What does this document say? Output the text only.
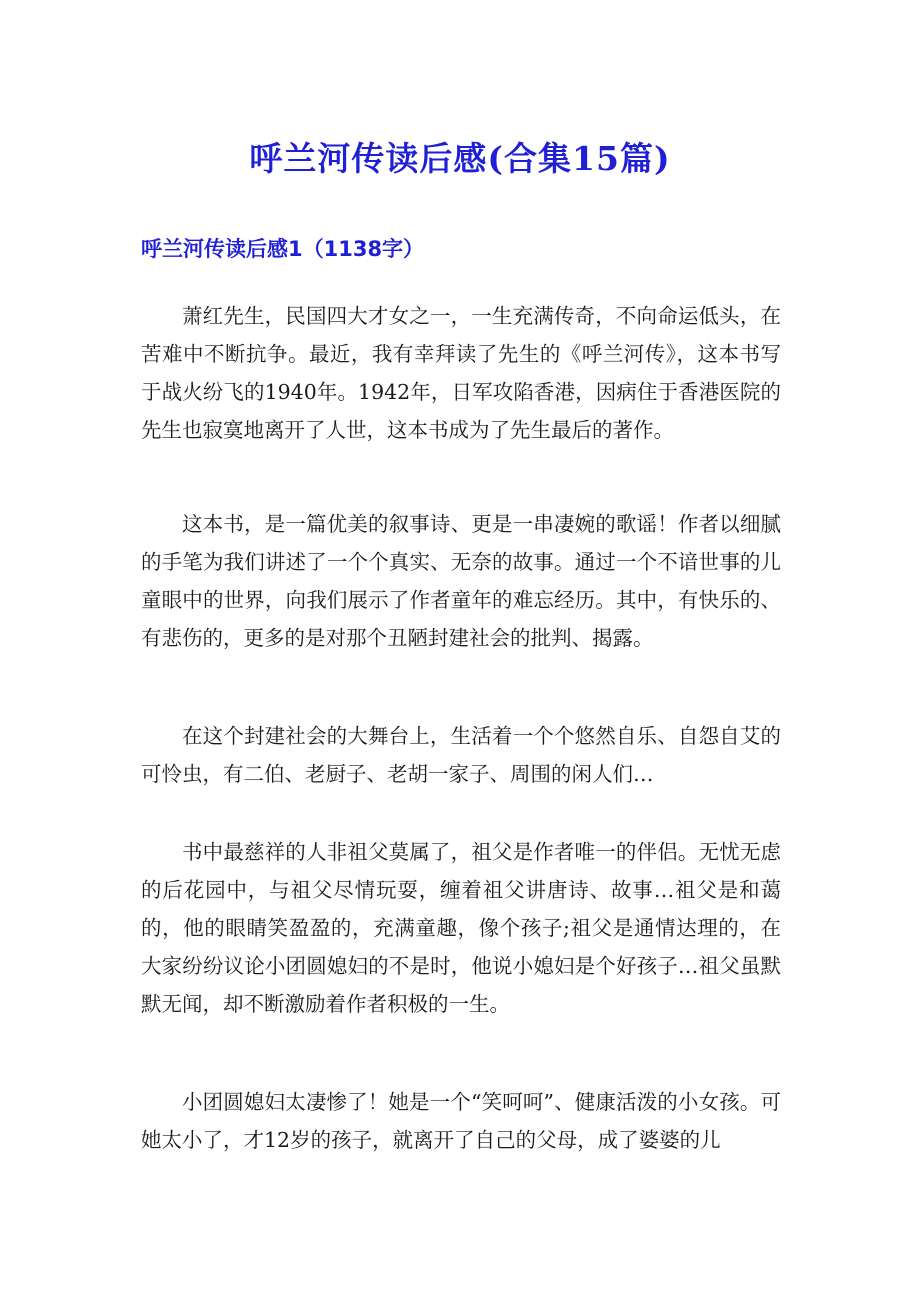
呼兰河传读后感(合集15篇)
呼兰河传读后感1（1138字）

萧红先生，民国四大才女之一，一生充满传奇，不向命运低头，在苦难中不断抗争。最近，我有幸拜读了先生的《呼兰河传》，这本书写于战火纷飞的1940年。1942年，日军攻陷香港，因病住于香港医院的先生也寂寞地离开了人世，这本书成为了先生最后的著作。

这本书，是一篇优美的叙事诗、更是一串凄婉的歌谣！作者以细腻的手笔为我们讲述了一个个真实、无奈的故事。通过一个不谙世事的儿童眼中的世界，向我们展示了作者童年的难忘经历。其中，有快乐的、有悲伤的，更多的是对那个丑陋封建社会的批判、揭露。

在这个封建社会的大舞台上，生活着一个个悠然自乐、自怨自艾的可怜虫，有二伯、老厨子、老胡一家子、周围的闲人们…

书中最慈祥的人非祖父莫属了，祖父是作者唯一的伴侣。无忧无虑的后花园中，与祖父尽情玩耍，缠着祖父讲唐诗、故事…祖父是和蔼的，他的眼睛笑盈盈的，充满童趣，像个孩子;祖父是通情达理的，在大家纷纷议论小团圆媳妇的不是时，他说小媳妇是个好孩子…祖父虽默默无闻，却不断激励着作者积极的一生。

小团圆媳妇太凄惨了！她是一个“笑呵呵”、健康活泼的小女孩。可她太小了，才12岁的孩子，就离开了自己的父母，成了婆婆的儿
